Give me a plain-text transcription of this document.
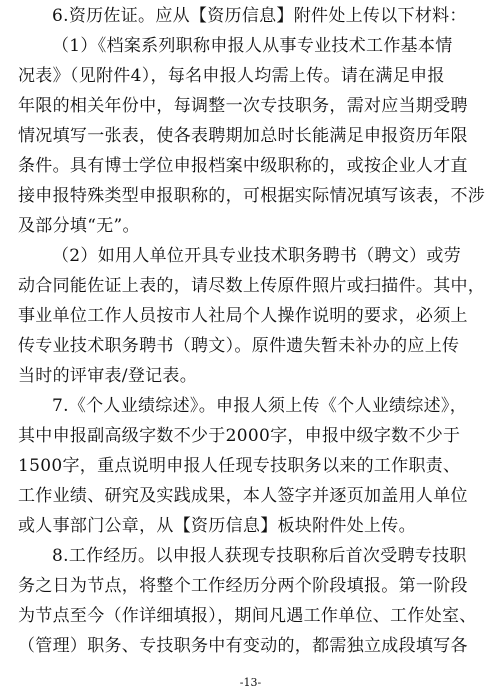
6.资历佐证。应从【资历信息】附件处上传以下材料：
（1）《档案系列职称申报人从事专业技术工作基本情
况表》（见附件4），每名申报人均需上传。请在满足申报
年限的相关年份中，每调整一次专技职务，需对应当期受聘
情况填写一张表，使各表聘期加总时长能满足申报资历年限
条件。具有博士学位申报档案中级职称的，或按企业人才直
接申报特殊类型申报职称的，可根据实际情况填写该表，不涉
及部分填“无”。
（2）如用人单位开具专业技术职务聘书（聘文）或劳
动合同能佐证上表的，请尽数上传原件照片或扫描件。其中，
事业单位工作人员按市人社局个人操作说明的要求，必须上
传专业技术职务聘书（聘文）。原件遗失暂未补办的应上传
当时的评审表/登记表。
7.《个人业绩综述》。申报人须上传《个人业绩综述》，
其中申报副高级字数不少于2000字，申报中级字数不少于
1500字，重点说明申报人任现专技职务以来的工作职责、
工作业绩、研究及实践成果，本人签字并逐页加盖用人单位
或人事部门公章，从【资历信息】板块附件处上传。
8.工作经历。以申报人获现专技职称后首次受聘专技职
务之日为节点，将整个工作经历分两个阶段填报。第一阶段
为节点至今（作详细填报），期间凡遇工作单位、工作处室、
（管理）职务、专技职务中有变动的，都需独立成段填写各
-13-
